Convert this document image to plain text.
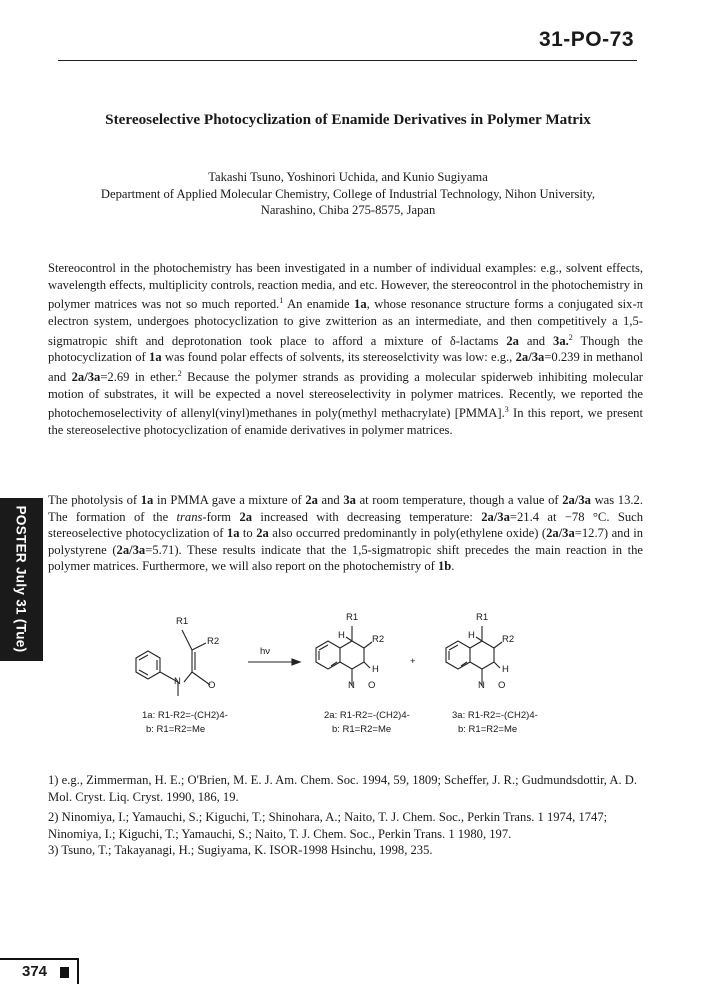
31-PO-73
Stereoselective Photocyclization of Enamide Derivatives in Polymer Matrix
Takashi Tsuno, Yoshinori Uchida, and Kunio Sugiyama
Department of Applied Molecular Chemistry, College of Industrial Technology, Nihon University,
Narashino, Chiba 275-8575, Japan
Stereocontrol in the photochemistry has been investigated in a number of individual examples: e.g., solvent effects, wavelength effects, multiplicity controls, reaction media, and etc. However, the stereocontrol in the photochemistry in polymer matrices was not so much reported.$^1$ An enamide 1a, whose resonance structure forms a conjugated six-π electron system, undergoes photocyclization to give zwitterion as an intermediate, and then competitively a 1,5-sigmatropic shift and deprotonation took place to afford a mixture of δ-lactams 2a and 3a.$^2$ Though the photocyclization of 1a was found polar effects of solvents, its stereoselctivity was low: e.g., 2a/3a=0.239 in methanol and 2a/3a=2.69 in ether.$^2$ Because the polymer strands as providing a molecular spiderweb inhibiting molecular motion of substrates, it will be expected a novel stereoselectivity in polymer matrices. Recently, we reported the photochemoselectivity of allenyl(vinyl)methanes in poly(methyl methacrylate) [PMMA].$^3$ In this report, we present the stereoselective photocyclization of enamide derivatives in polymer matrices.
The photolysis of 1a in PMMA gave a mixture of 2a and 3a at room temperature, though a value of 2a/3a was 13.2. The formation of the trans-form 2a increased with decreasing temperature: 2a/3a=21.4 at −78 °C. Such stereoselective photocyclization of 1a to 2a also occurred predominantly in poly(ethylene oxide) (2a/3a=12.7) and in polystyrene (2a/3a=5.71). These results indicate that the 1,5-sigmatropic shift precedes the main reaction in the polymer matrices. Furthermore, we will also report on the photochemistry of 1b.
R1
R2
N	O
hν
R1
H	R2
H
N O
+
R1
H	R2
H
N O
1a: R1-R2=-(CH2)4-
b: R1=R2=Me
2a: R1-R2=-(CH2)4-
b: R1=R2=Me
3a: R1-R2=-(CH2)4-
b: R1=R2=Me
1) e.g., Zimmerman, H. E.; O'Brien, M. E. J. Am. Chem. Soc. 1994, 59, 1809; Scheffer, J. R.; Gudmundsdottir, A. D. Mol. Cryst. Liq. Cryst. 1990, 186, 19.
2) Ninomiya, I.; Yamauchi, S.; Kiguchi, T.; Shinohara, A.; Naito, T. J. Chem. Soc., Perkin Trans. 1 1974, 1747; Ninomiya, I.; Kiguchi, T.; Yamauchi, S.; Naito, T. J. Chem. Soc., Perkin Trans. 1 1980, 197.
3) Tsuno, T.; Takayanagi, H.; Sugiyama, K. ISOR-1998 Hsinchu, 1998, 235.
POSTER July 31 (Tue)
374
